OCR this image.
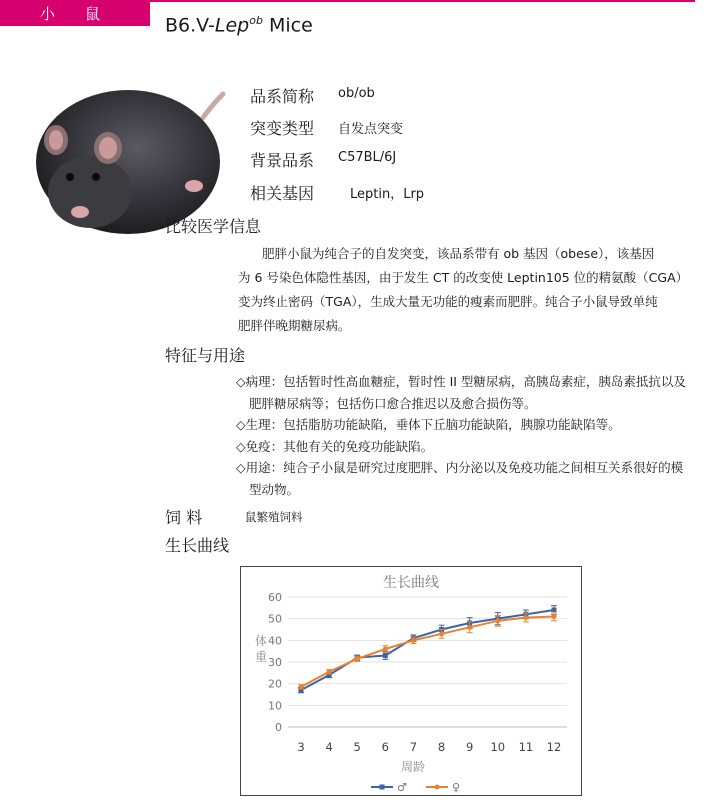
小鼠
B6.V-Lep$^{ob}$ Mice
品系简称 ob/ob
突变类型 自发点突变
背景品系 C57BL/6J
相关基因	Leptin，Lrp
比较医学信息

肥胖小鼠为纯合子的自发突变，该品系带有 ob 基因（obese），该基因

为 6 号染色体隐性基因，由于发生 CT 的改变使 Leptin105 位的精氨酸（CGA）

变为终止密码（TGA），生成大量无功能的瘦素而肥胖。纯合子小鼠导致单纯

肥胖伴晚期糖尿病。

特征与用途

◇病理：包括暂时性高血糖症，暂时性 II 型糖尿病，高胰岛素症，胰岛素抵抗以及肥胖糖尿病等；包括伤口愈合推迟以及愈合损伤等。

◇生理：包括脂肪功能缺陷，垂体下丘脑功能缺陷，胰腺功能缺陷等。

◇免疫：其他有关的免疫功能缺陷。

◇用途：纯合子小鼠是研究过度肥胖、内分泌以及免疫功能之间相互关系很好的模型动物。

饲 料	鼠繁殖饲料
生长曲线
生长曲线
0
10
20
30
40
50
60
3 4 5 6 7 8 9 10 11 12
体重
周龄
♂	♀
